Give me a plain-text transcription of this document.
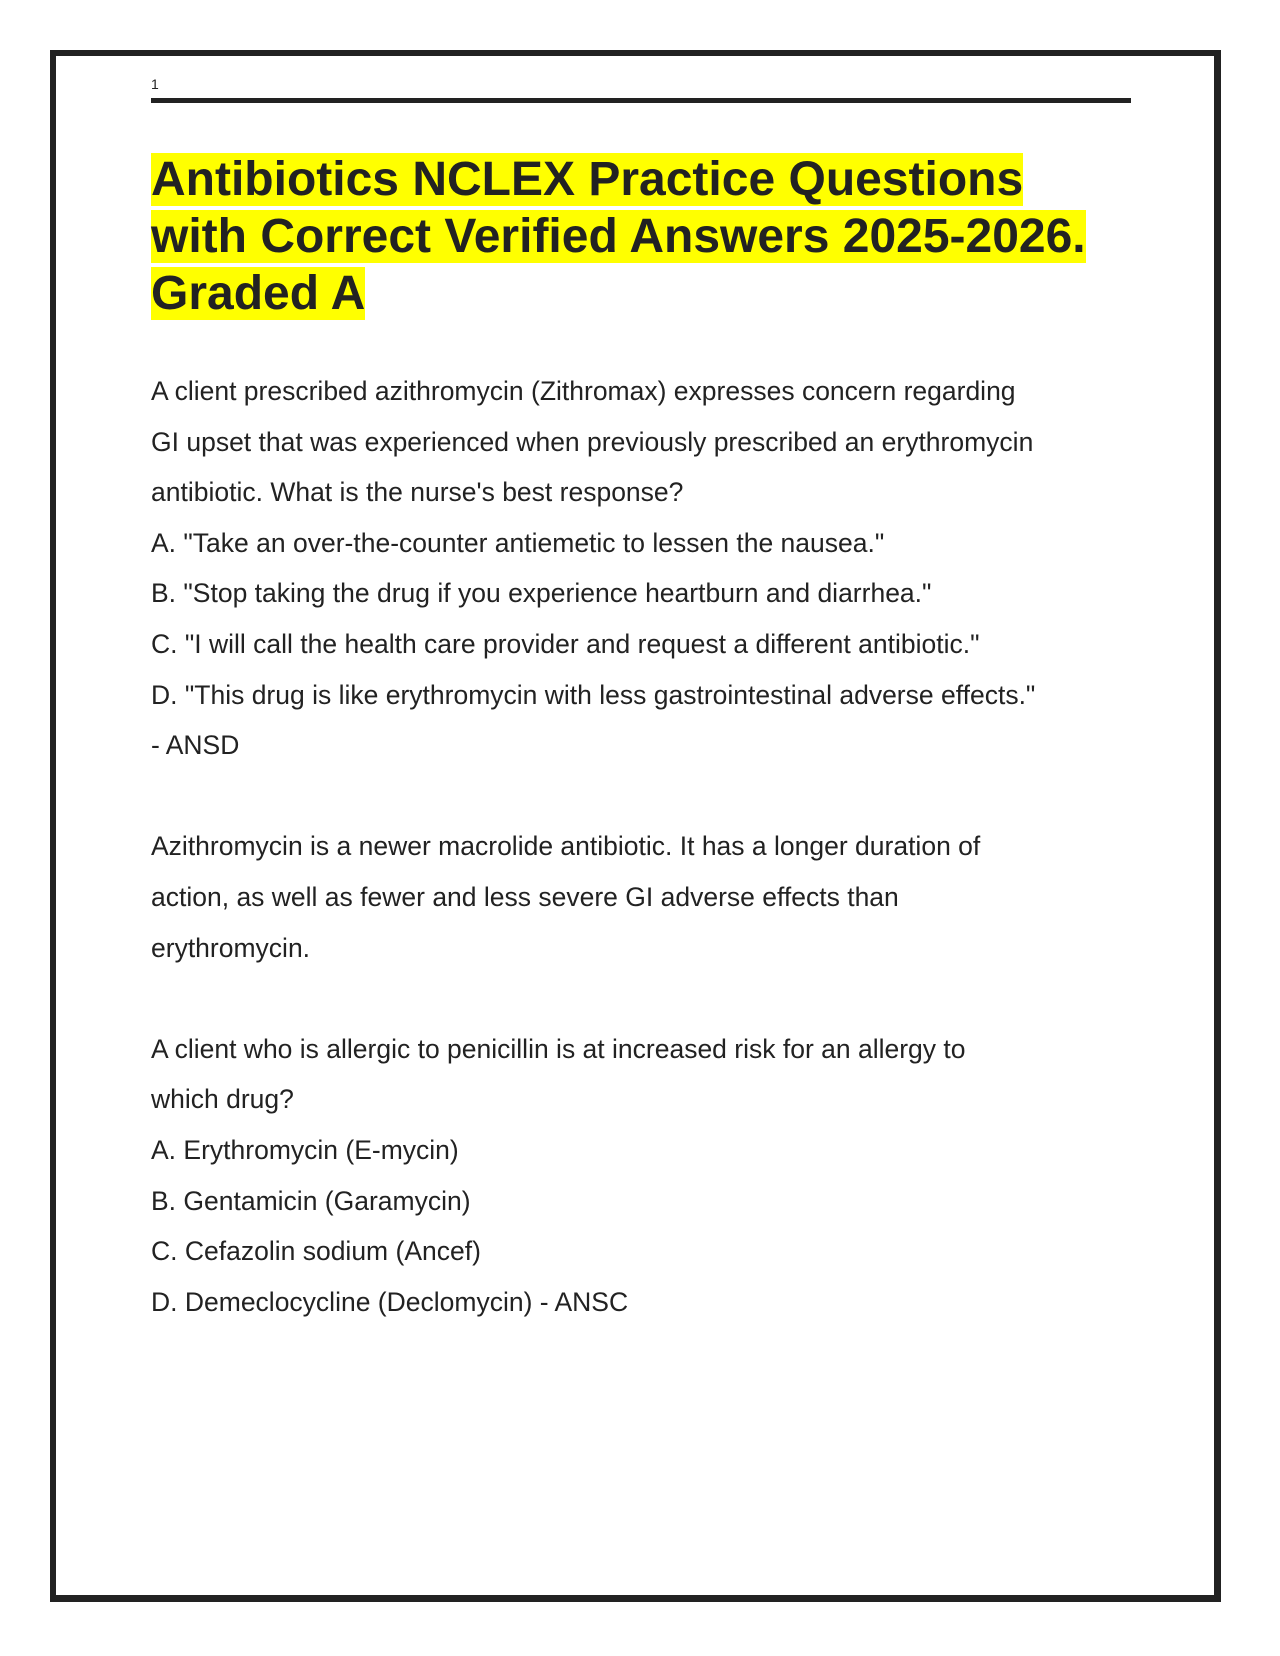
1
Antibiotics NCLEX Practice Questions with Correct Verified Answers 2025-2026. Graded A
A client prescribed azithromycin (Zithromax) expresses concern regarding
GI upset that was experienced when previously prescribed an erythromycin
antibiotic. What is the nurse's best response?
A. "Take an over-the-counter antiemetic to lessen the nausea."
B. "Stop taking the drug if you experience heartburn and diarrhea."
C. "I will call the health care provider and request a different antibiotic."
D. "This drug is like erythromycin with less gastrointestinal adverse effects."
- ANSD
Azithromycin is a newer macrolide antibiotic. It has a longer duration of
action, as well as fewer and less severe GI adverse effects than
erythromycin.
A client who is allergic to penicillin is at increased risk for an allergy to
which drug?
A. Erythromycin (E-mycin)
B. Gentamicin (Garamycin)
C. Cefazolin sodium (Ancef)
D. Demeclocycline (Declomycin) - ANSC
